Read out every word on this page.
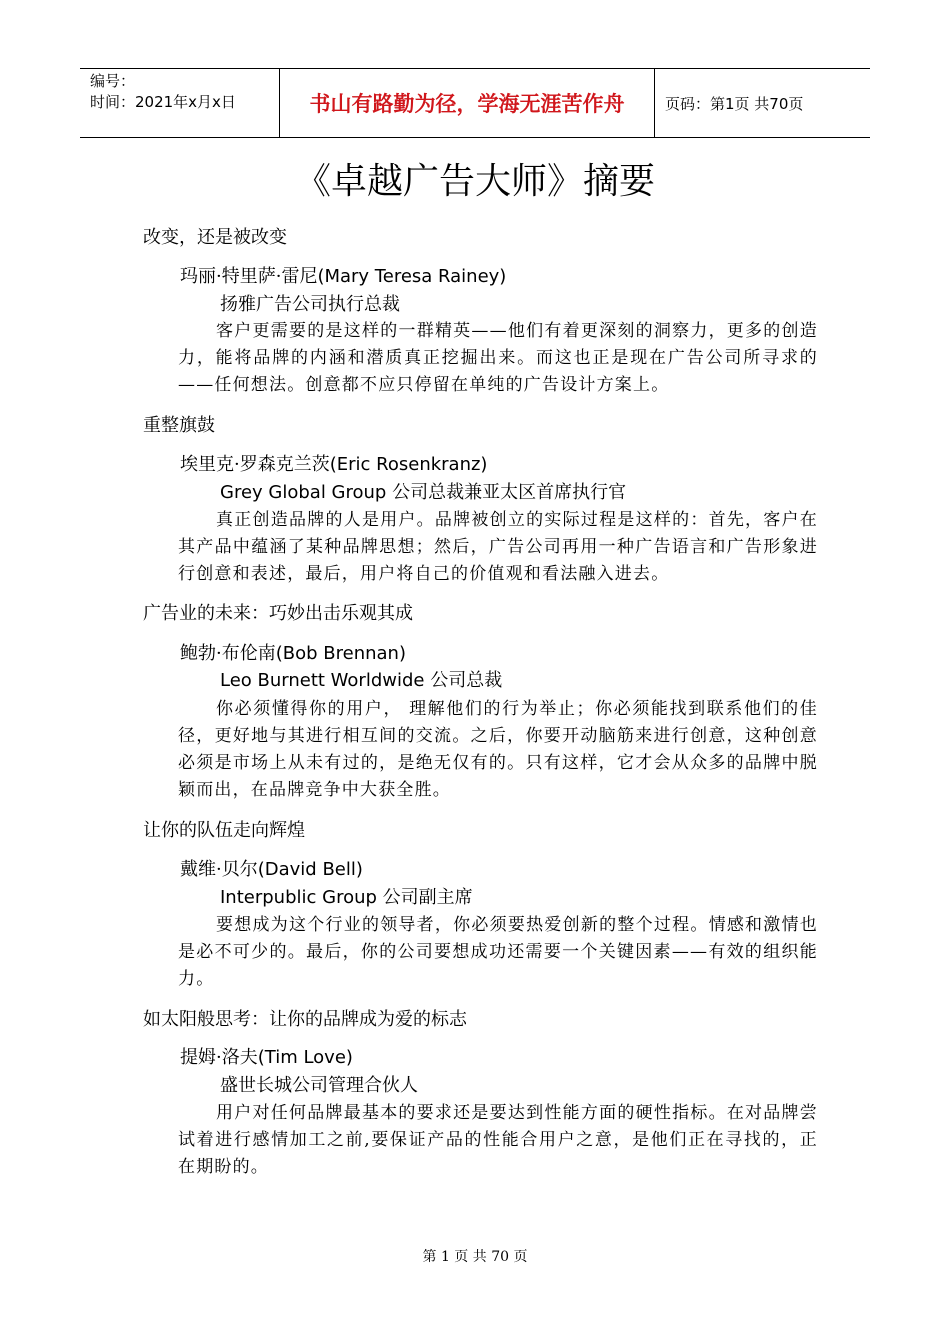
编号：
时间：2021年x月x日	书山有路勤为径，学海无涯苦作舟	页码：第1页 共70页
《卓越广告大师》摘要
改变，还是被改变
玛丽·特里萨·雷尼(Mary Teresa Rainey)
扬雅广告公司执行总裁
客户更需要的是这样的一群精英——他们有着更深刻的洞察力，更多的创造力，能将品牌的内涵和潜质真正挖掘出来。而这也正是现在广告公司所寻求的——任何想法。创意都不应只停留在单纯的广告设计方案上。
重整旗鼓
埃里克·罗森克兰茨(Eric Rosenkranz)
Grey Global Group 公司总裁兼亚太区首席执行官
真正创造品牌的人是用户。品牌被创立的实际过程是这样的：首先，客户在其产品中蕴涵了某种品牌思想；然后，广告公司再用一种广告语言和广告形象进行创意和表述，最后，用户将自己的价值观和看法融入进去。
广告业的未来：巧妙出击乐观其成
鲍勃·布伦南(Bob Brennan)
Leo Burnett Worldwide 公司总裁
你必须懂得你的用户， 理解他们的行为举止；你必须能找到联系他们的佳径，更好地与其进行相互间的交流。之后，你要开动脑筋来进行创意，这种创意必须是市场上从未有过的，是绝无仅有的。只有这样，它才会从众多的品牌中脱颖而出，在品牌竞争中大获全胜。
让你的队伍走向辉煌
戴维·贝尔(David Bell)
Interpublic Group 公司副主席
要想成为这个行业的领导者，你必须要热爱创新的整个过程。情感和激情也是必不可少的。最后，你的公司要想成功还需要一个关键因素——有效的组织能力。
如太阳般思考：让你的品牌成为爱的标志
提姆·洛夫(Tim Love)
盛世长城公司管理合伙人
用户对任何品牌最基本的要求还是要达到性能方面的硬性指标。在对品牌尝试着进行感情加工之前,要保证产品的性能合用户之意，是他们正在寻找的，正在期盼的。
第 1 页 共 70 页
